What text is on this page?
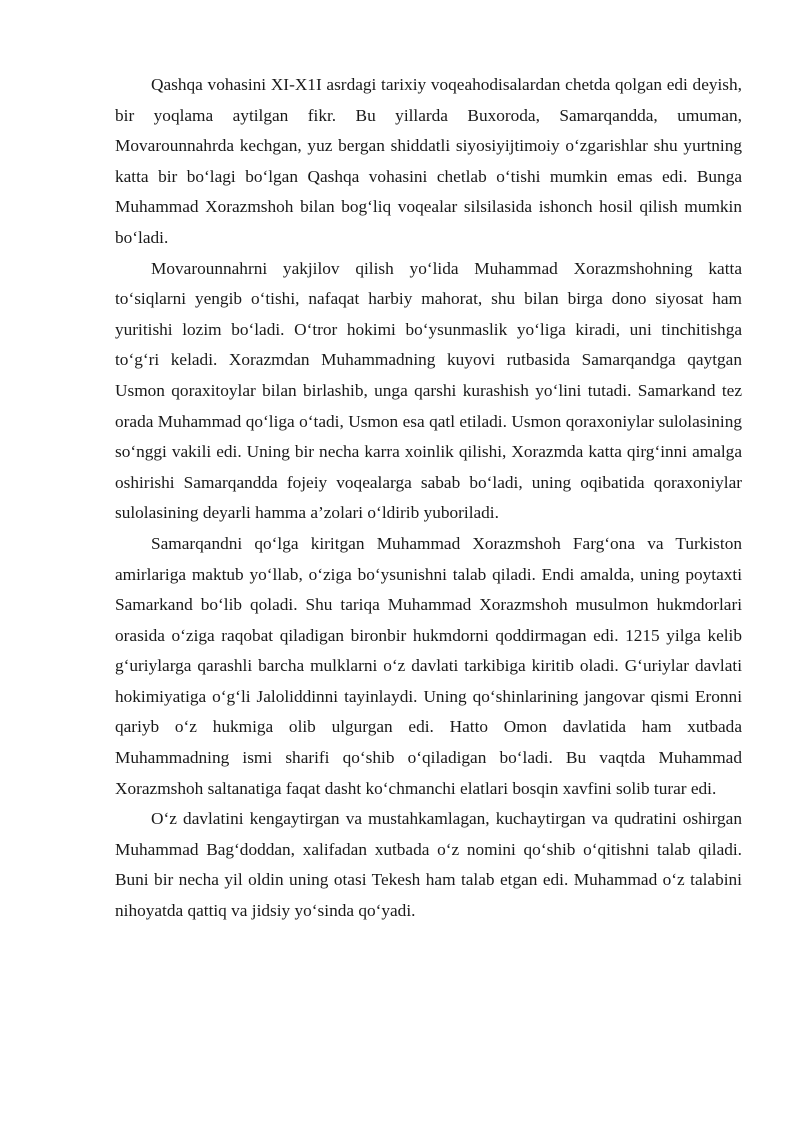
Qashqa vohasini XI-X1I asrdagi tarixiy voqeahodisalardan chetda qolgan edi deyish, bir yoqlama aytilgan fikr. Bu yillarda Buxoroda, Samarqandda, umuman, Movarounnahrda kechgan, yuz bergan shiddatli siyosiyijtimoiy o‘zgarishlar shu yurtning katta bir bo‘lagi bo‘lgan Qashqa vohasini chetlab o‘tishi mumkin emas edi. Bunga Muhammad Xorazmshoh bilan bog‘liq voqealar silsilasida ishonch hosil qilish mumkin bo‘ladi.

Movarounnahrni yakjilov qilish yo‘lida Muhammad Xorazmshohning katta to‘siqlarni yengib o‘tishi, nafaqat harbiy mahorat, shu bilan birga dono siyosat ham yuritishi lozim bo‘ladi. O‘tror hokimi bo‘ysunmaslik yo‘liga kiradi, uni tinchitishga to‘g‘ri keladi. Xorazmdan Muhammadning kuyovi rutbasida Samarqandga qaytgan Usmon qoraxitoylar bilan birlashib, unga qarshi kurashish yo‘lini tutadi. Samarkand tez orada Muhammad qo‘liga o‘tadi, Usmon esa qatl etiladi. Usmon qoraxoniylar sulolasining so‘nggi vakili edi. Uning bir necha karra xoinlik qilishi, Xorazmda katta qirg‘inni amalga oshirishi Samarqandda fojeiy voqealarga sabab bo‘ladi, uning oqibatida qoraxoniylar sulolasining deyarli hamma a’zolari o‘ldirib yuboriladi.

Samarqandni qo‘lga kiritgan Muhammad Xorazmshoh Farg‘ona va Turkiston amirlariga maktub yo‘llab, o‘ziga bo‘ysunishni talab qiladi. Endi amalda, uning poytaxti Samarkand bo‘lib qoladi. Shu tariqa Muhammad Xorazmshoh musulmon hukmdorlari orasida o‘ziga raqobat qiladigan bironbir hukmdorni qoddirmagan edi. 1215 yilga kelib g‘uriylarga qarashli barcha mulklarni o‘z davlati tarkibiga kiritib oladi. G‘uriylar davlati hokimiyatiga o‘g‘li Jaloliddinni tayinlaydi. Uning qo‘shinlarining jangovar qismi Eronni qariyb o‘z hukmiga olib ulgurgan edi. Hatto Omon davlatida ham xutbada Muhammadning ismi sharifi qo‘shib o‘qiladigan bo‘ladi. Bu vaqtda Muhammad Xorazmshoh saltanatiga faqat dasht ko‘chmanchi elatlari bosqin xavfini solib turar edi.

O‘z davlatini kengaytirgan va mustahkamlagan, kuchaytirgan va qudratini oshirgan Muhammad Bag‘doddan, xalifadan xutbada o‘z nomini qo‘shib o‘qitishni talab qiladi. Buni bir necha yil oldin uning otasi Tekesh ham talab etgan edi. Muhammad o‘z talabini nihoyatda qattiq va jidsiy yo‘sinda qo‘yadi.
